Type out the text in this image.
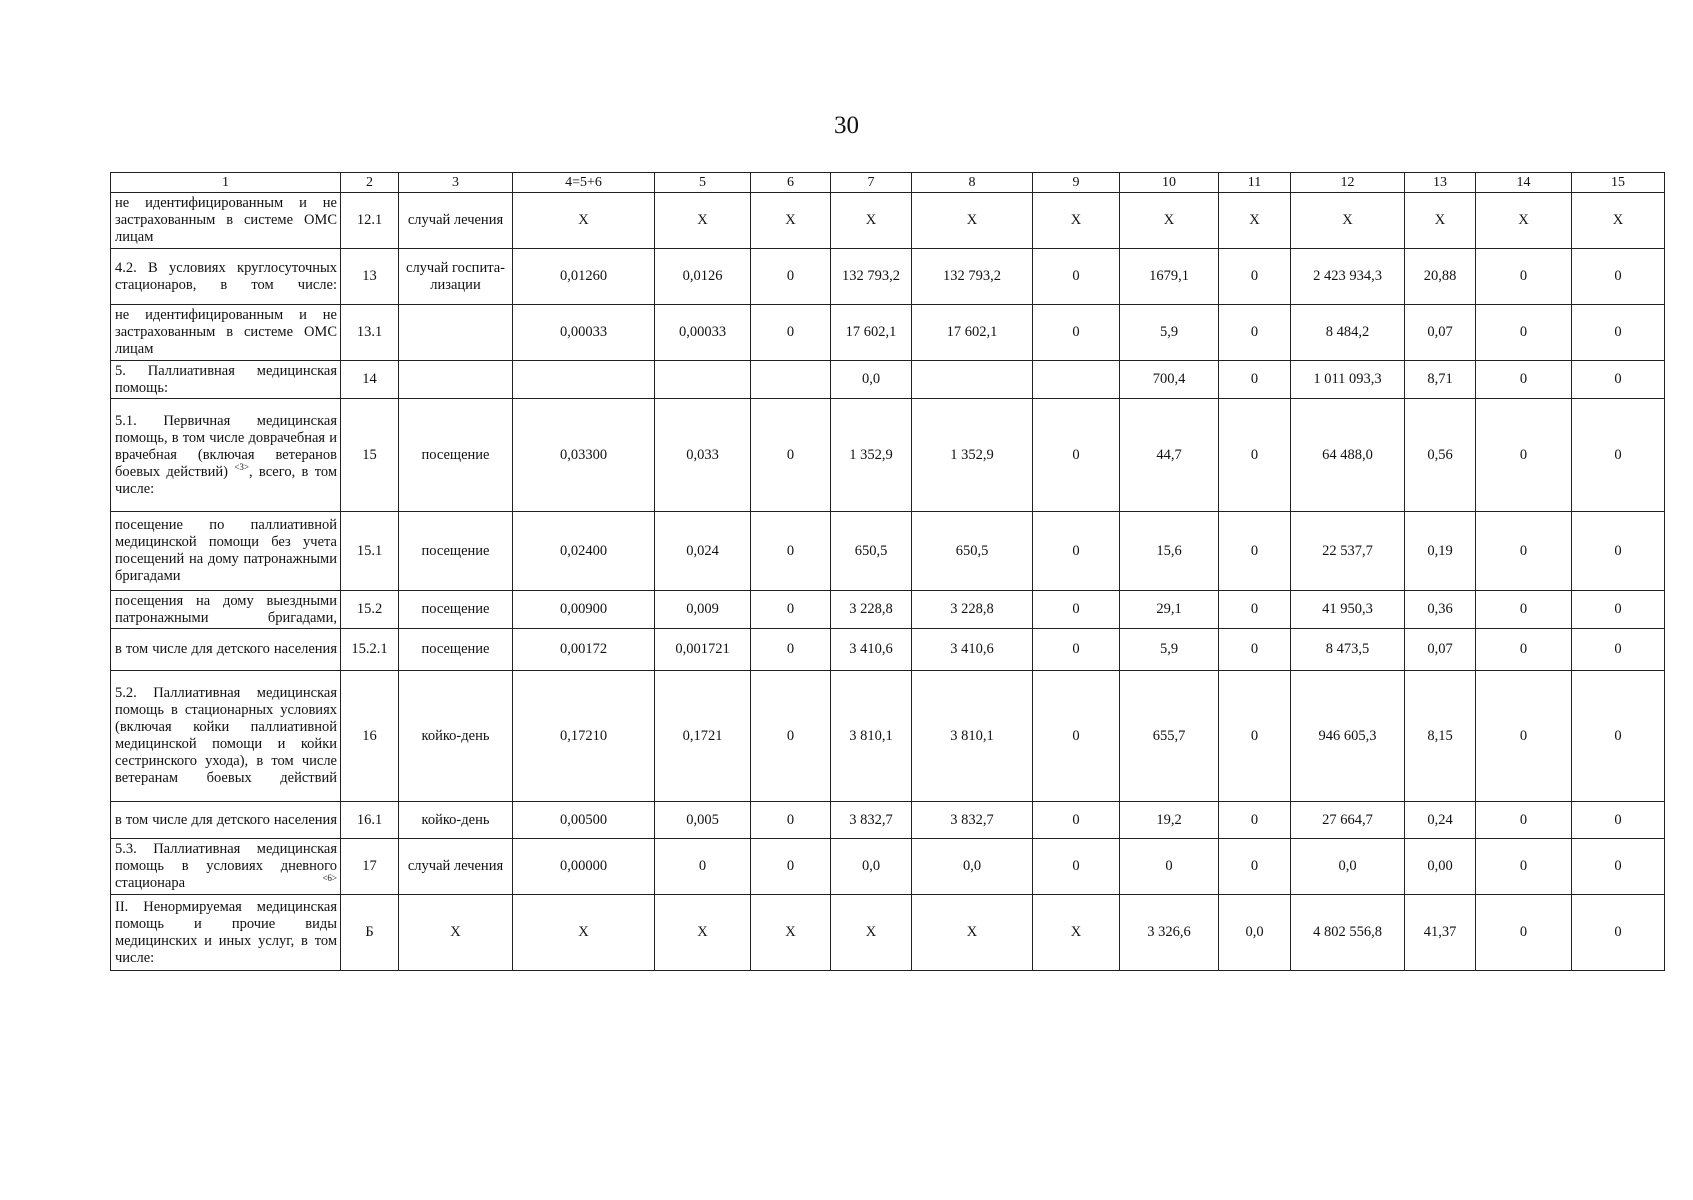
30
1	2	3	4=5+6	5	6	7	8	9	10	11	12	13	14	15
не идентифицированным и не застрахованным в системе ОМС лицам	12.1	случай лечения	Х	Х	Х	Х	Х	Х	Х	Х	Х	Х	Х	Х
4.2. В условиях круглосуточных стационаров, в том числе:	13	случай госпита-лизации	0,01260	0,0126	0	132 793,2	132 793,2	0	1679,1	0	2 423 934,3	20,88	0	0
не идентифицированным и не застрахованным в системе ОМС лицам	13.1		0,00033	0,00033	0	17 602,1	17 602,1	0	5,9	0	8 484,2	0,07	0	0
5. Паллиативная медицинская помощь:	14					0,0			700,4	0	1 011 093,3	8,71	0	0
5.1. Первичная медицинская помощь, в том числе доврачебная и врачебная (включая ветеранов боевых действий) $^{<3>}$, всего, в том числе:	15	посещение	0,03300	0,033	0	1 352,9	1 352,9	0	44,7	0	64 488,0	0,56	0	0
посещение по паллиативной медицинской помощи без учета посещений на дому патронажными бригадами	15.1	посещение	0,02400	0,024	0	650,5	650,5	0	15,6	0	22 537,7	0,19	0	0
посещения на дому выездными патронажными бригадами,	15.2	посещение	0,00900	0,009	0	3 228,8	3 228,8	0	29,1	0	41 950,3	0,36	0	0
в том числе для детского населения	15.2.1	посещение	0,00172	0,001721	0	3 410,6	3 410,6	0	5,9	0	8 473,5	0,07	0	0
5.2. Паллиативная медицинская помощь в стационарных условиях (включая койки паллиативной медицинской помощи и койки сестринского ухода), в том числе ветеранам боевых действий	16	койко-день	0,17210	0,1721	0	3 810,1	3 810,1	0	655,7	0	946 605,3	8,15	0	0
в том числе для детского населения	16.1	койко-день	0,00500	0,005	0	3 832,7	3 832,7	0	19,2	0	27 664,7	0,24	0	0
5.3. Паллиативная медицинская помощь в условиях дневного стационара $^{<6>}$	17	случай лечения	0,00000	0	0	0,0	0,0	0	0	0	0,0	0,00	0	0
II. Ненормируемая медицинская помощь и прочие виды медицинских и иных услуг, в том числе:	Б	Х	Х	Х	Х	Х	Х	Х	3 326,6	0,0	4 802 556,8	41,37	0	0
